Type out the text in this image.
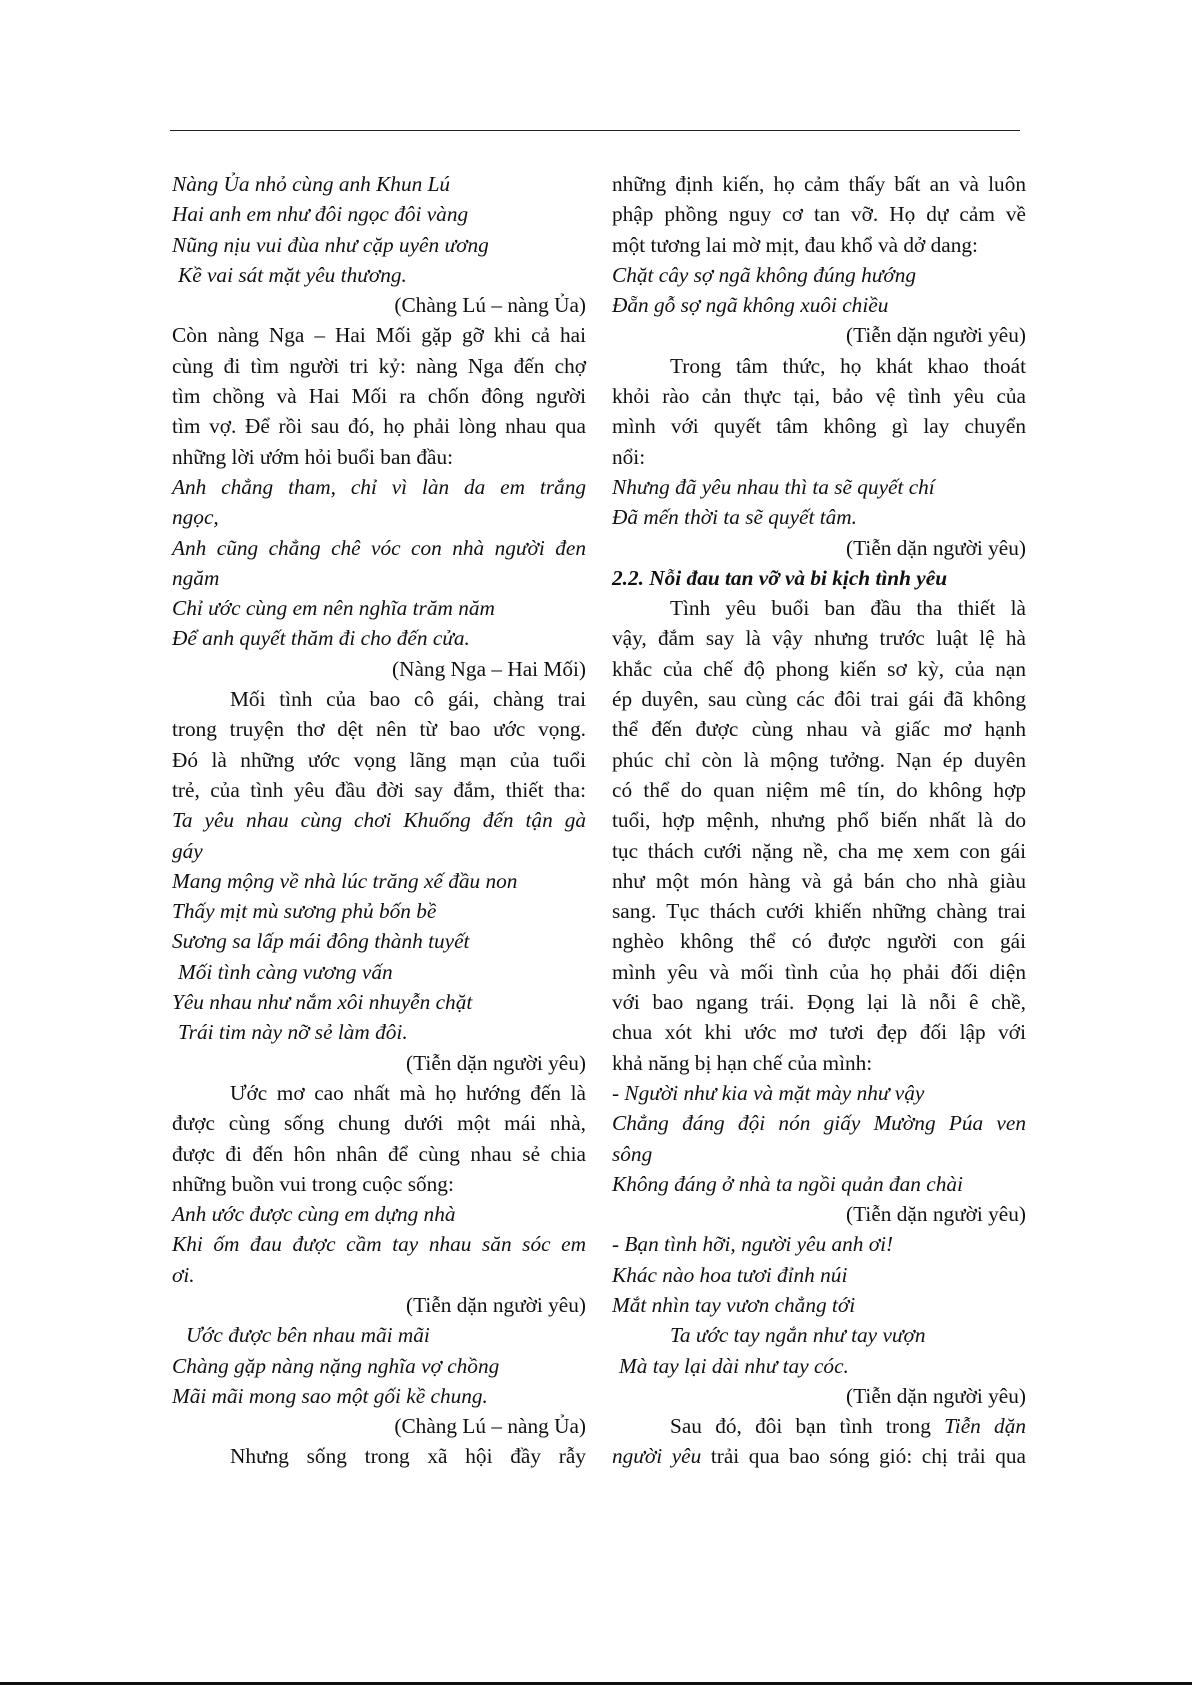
Nàng Ủa nhỏ cùng anh Khun Lú
Hai anh em như đôi ngọc đôi vàng
Nũng nịu vui đùa như cặp uyên ương
Kề vai sát mặt yêu thương.
(Chàng Lú – nàng Ủa)
Còn nàng Nga – Hai Mối gặp gỡ khi cả hai
cùng đi tìm người tri kỷ: nàng Nga đến chợ
tìm chồng và Hai Mối ra chốn đông người
tìm vợ. Để rồi sau đó, họ phải lòng nhau qua
những lời ướm hỏi buổi ban đầu:
Anh chẳng tham, chỉ vì làn da em trắng
ngọc,
Anh cũng chẳng chê vóc con nhà người đen
ngăm
Chỉ ước cùng em nên nghĩa trăm năm
Để anh quyết thăm đi cho đến cửa.
(Nàng Nga – Hai Mối)
Mối tình của bao cô gái, chàng trai
trong truyện thơ dệt nên từ bao ước vọng.
Đó là những ước vọng lãng mạn của tuổi
trẻ, của tình yêu đầu đời say đắm, thiết tha:
Ta yêu nhau cùng chơi Khuống đến tận gà
gáy
Mang mộng về nhà lúc trăng xế đầu non
Thấy mịt mù sương phủ bốn bề
Sương sa lấp mái đông thành tuyết
Mối tình càng vương vấn
Yêu nhau như nắm xôi nhuyễn chặt
Trái tim này nỡ sẻ làm đôi.
(Tiễn dặn người yêu)
Ước mơ cao nhất mà họ hướng đến là
được cùng sống chung dưới một mái nhà,
được đi đến hôn nhân để cùng nhau sẻ chia
những buồn vui trong cuộc sống:
Anh ước được cùng em dựng nhà
Khi ốm đau được cầm tay nhau săn sóc em
ơi.
(Tiễn dặn người yêu)
Ước được bên nhau mãi mãi
Chàng gặp nàng nặng nghĩa vợ chồng
Mãi mãi mong sao một gối kề chung.
(Chàng Lú – nàng Ủa)
Nhưng sống trong xã hội đầy rẫy
những định kiến, họ cảm thấy bất an và luôn
phập phồng nguy cơ tan vỡ. Họ dự cảm về
một tương lai mờ mịt, đau khổ và dở dang:
Chặt cây sợ ngã không đúng hướng
Đẵn gỗ sợ ngã không xuôi chiều
(Tiễn dặn người yêu)
Trong tâm thức, họ khát khao thoát
khỏi rào cản thực tại, bảo vệ tình yêu của
mình với quyết tâm không gì lay chuyển
nổi:
Nhưng đã yêu nhau thì ta sẽ quyết chí
Đã mến thời ta sẽ quyết tâm.
(Tiễn dặn người yêu)
2.2. Nỗi đau tan vỡ và bi kịch tình yêu
Tình yêu buổi ban đầu tha thiết là
vậy, đắm say là vậy nhưng trước luật lệ hà
khắc của chế độ phong kiến sơ kỳ, của nạn
ép duyên, sau cùng các đôi trai gái đã không
thể đến được cùng nhau và giấc mơ hạnh
phúc chỉ còn là mộng tưởng. Nạn ép duyên
có thể do quan niệm mê tín, do không hợp
tuổi, hợp mệnh, nhưng phổ biến nhất là do
tục thách cưới nặng nề, cha mẹ xem con gái
như một món hàng và gả bán cho nhà giàu
sang. Tục thách cưới khiến những chàng trai
nghèo không thể có được người con gái
mình yêu và mối tình của họ phải đối diện
với bao ngang trái. Đọng lại là nỗi ê chề,
chua xót khi ước mơ tươi đẹp đối lập với
khả năng bị hạn chế của mình:
- Người như kia và mặt mày như vậy
Chẳng đáng đội nón giấy Mường Púa ven
sông
Không đáng ở nhà ta ngồi quản đan chài
(Tiễn dặn người yêu)
- Bạn tình hỡi, người yêu anh ơi!
Khác nào hoa tươi đỉnh núi
Mắt nhìn tay vươn chẳng tới
Ta ước tay ngắn như tay vượn
Mà tay lại dài như tay cóc.
(Tiễn dặn người yêu)
Sau đó, đôi bạn tình trong Tiễn dặn
người yêu trải qua bao sóng gió: chị trải qua
